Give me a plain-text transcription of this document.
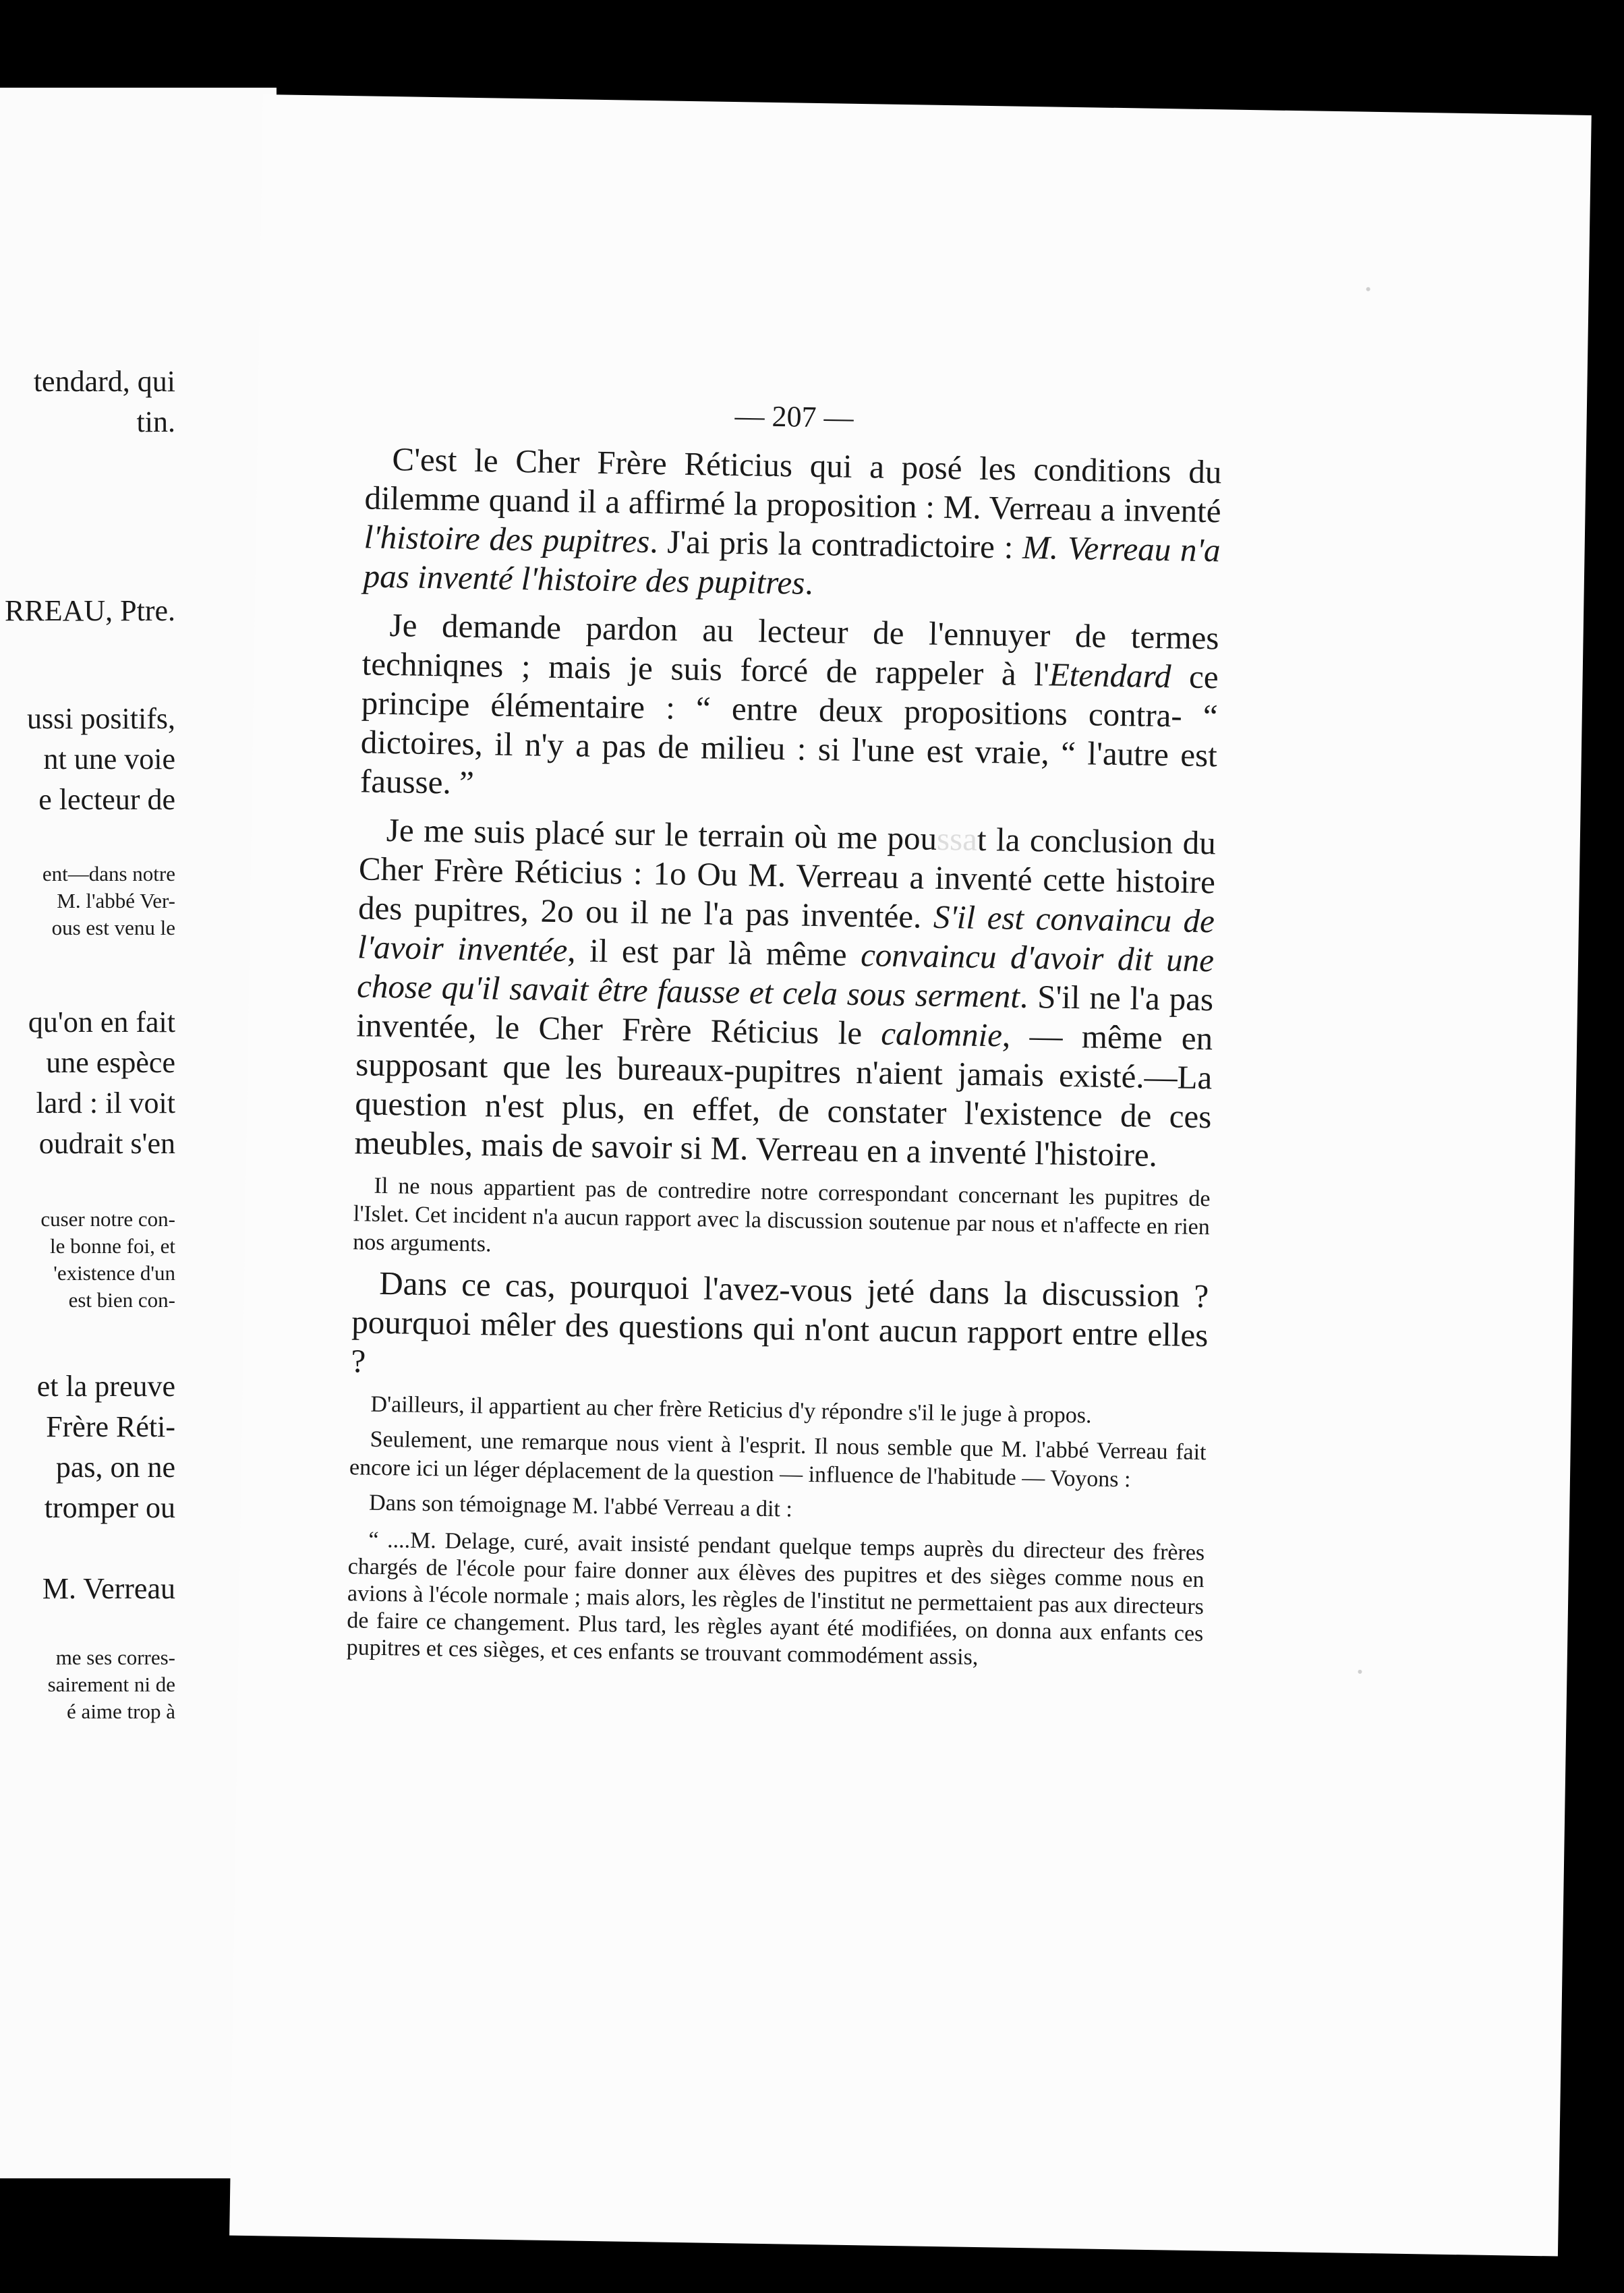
tendard, qui
tin.
RREAU, Ptre.
ussi positifs,
nt une voie
e lecteur de
ent—dans notre
M. l'abbé Ver-
ous est venu le
qu'on en fait
une espèce
lard : il voit
oudrait s'en
cuser notre con-
le bonne foi, et
'existence d'un
est bien con-
et la preuve
Frère Réti-
pas, on ne
tromper ou
M. Verreau
me ses corres-
sairement ni de
é aime trop à
— 207 —

C'est le Cher Frère Réticius qui a posé les conditions du dilemme quand il a affirmé la proposition : M. Verreau a inventé l'histoire des pupitres. J'ai pris la contradictoire : M. Verreau n'a pas inventé l'histoire des pupitres.

Je demande pardon au lecteur de l'ennuyer de termes techniqnes ; mais je suis forcé de rappeler à l'Etendard ce principe élémentaire : “ entre deux propositions contra- “ dictoires, il n'y a pas de milieu : si l'une est vraie, “ l'autre est fausse. ”

Je me suis placé sur le terrain où me poussat la conclusion du Cher Frère Réticius : 1o Ou M. Verreau a inventé cette histoire des pupitres, 2o ou il ne l'a pas inventée. S'il est convaincu de l'avoir inventée, il est par là même convaincu d'avoir dit une chose qu'il savait être fausse et cela sous serment. S'il ne l'a pas inventée, le Cher Frère Réticius le calomnie, — même en supposant que les bureaux-pupitres n'aient jamais existé.—La question n'est plus, en effet, de constater l'existence de ces meubles, mais de savoir si M. Verreau en a inventé l'histoire.

Il ne nous appartient pas de contredire notre correspondant concernant les pupitres de l'Islet. Cet incident n'a aucun rapport avec la discussion soutenue par nous et n'affecte en rien nos arguments.

Dans ce cas, pourquoi l'avez-vous jeté dans la discussion ? pourquoi mêler des questions qui n'ont aucun rapport entre elles ?

D'ailleurs, il appartient au cher frère Reticius d'y répondre s'il le juge à propos.

Seulement, une remarque nous vient à l'esprit. Il nous semble que M. l'abbé Verreau fait encore ici un léger déplacement de la question — influence de l'habitude — Voyons :

Dans son témoignage M. l'abbé Verreau a dit :

“ ....M. Delage, curé, avait insisté pendant quelque temps auprès du directeur des frères chargés de l'école pour faire donner aux élèves des pupitres et des sièges comme nous en avions à l'école normale ; mais alors, les règles de l'institut ne permettaient pas aux directeurs de faire ce changement. Plus tard, les règles ayant été modifiées, on donna aux enfants ces pupitres et ces sièges, et ces enfants se trouvant commodément assis,
